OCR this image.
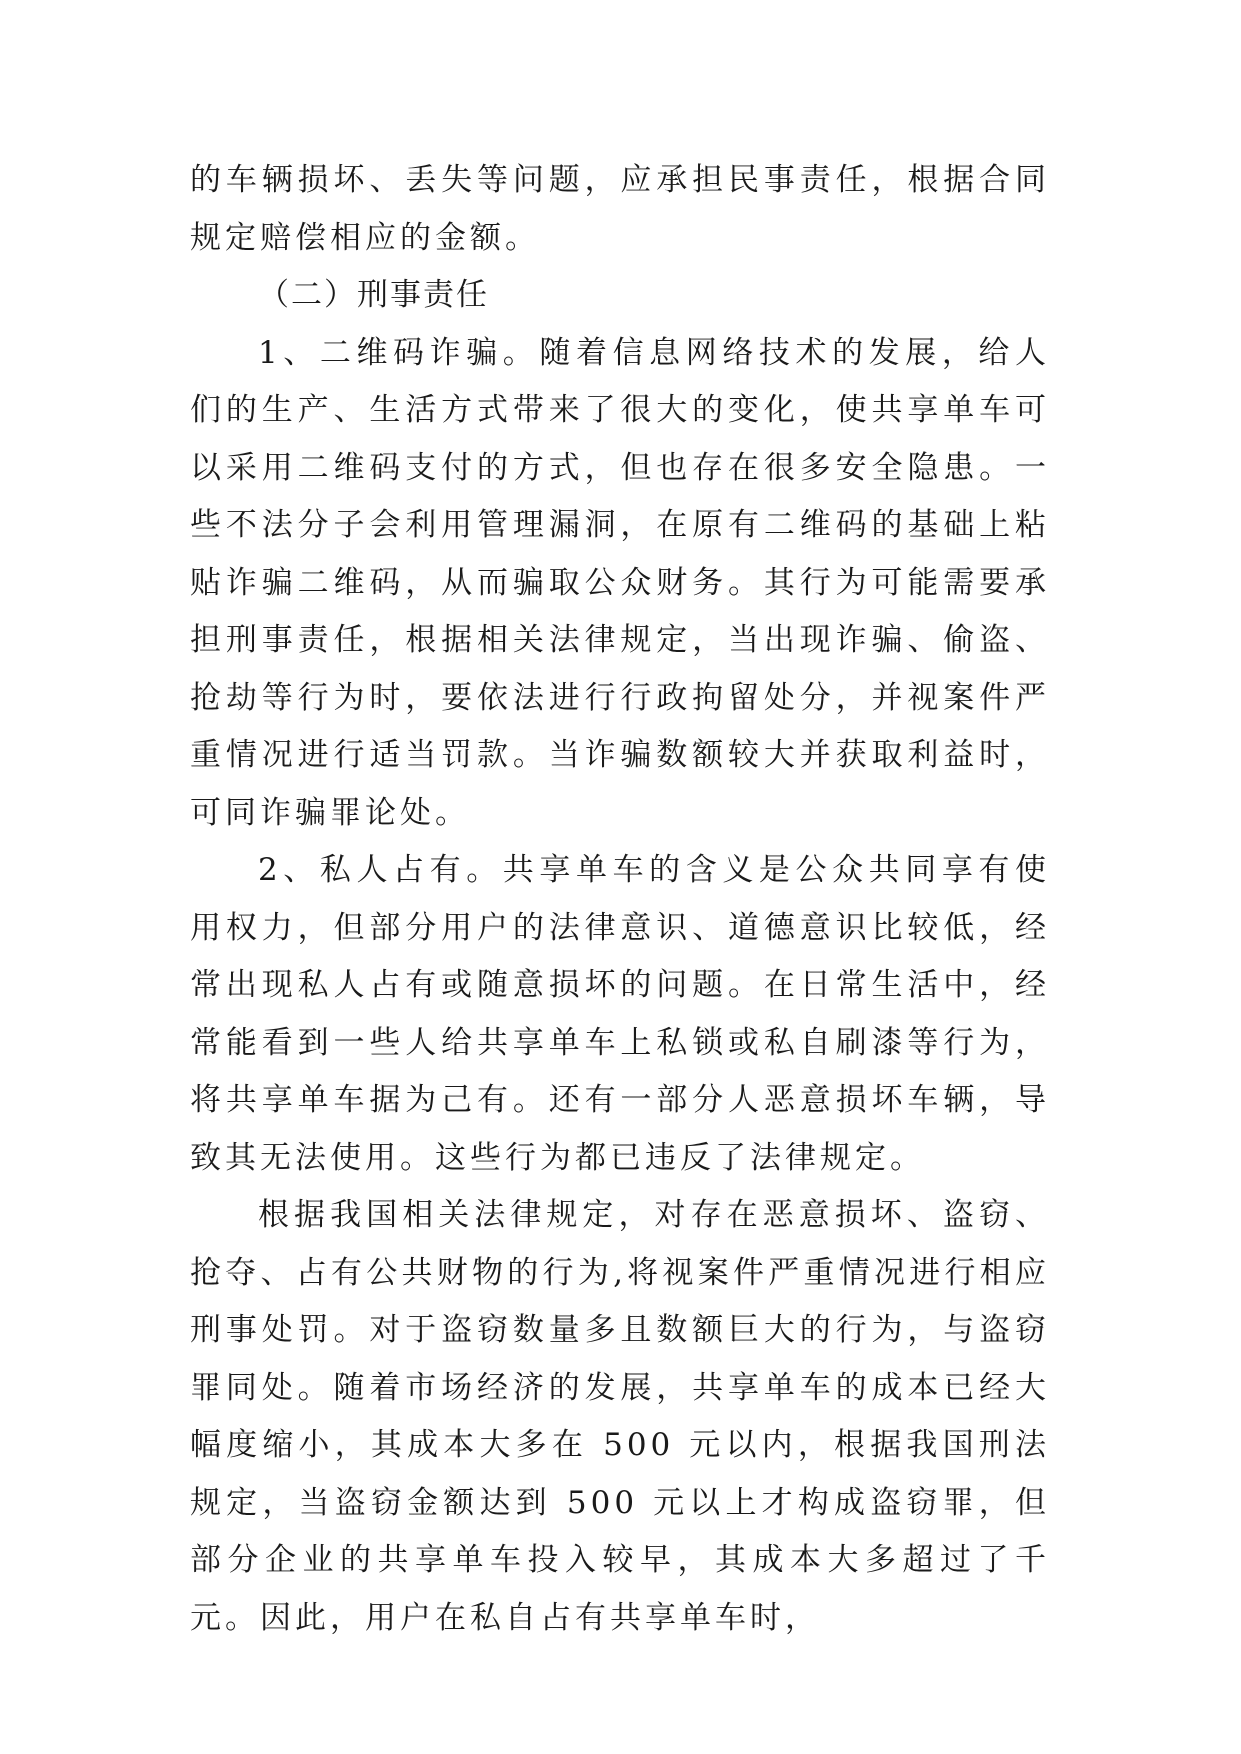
的车辆损坏、丢失等问题，应承担民事责任，根据合同规定赔偿相应的金额。

（二）刑事责任

1、二维码诈骗。随着信息网络技术的发展，给人们的生产、生活方式带来了很大的变化，使共享单车可以采用二维码支付的方式，但也存在很多安全隐患。一些不法分子会利用管理漏洞，在原有二维码的基础上粘贴诈骗二维码，从而骗取公众财务。其行为可能需要承担刑事责任，根据相关法律规定，当出现诈骗、偷盗、抢劫等行为时，要依法进行行政拘留处分，并视案件严重情况进行适当罚款。当诈骗数额较大并获取利益时，可同诈骗罪论处。

2、私人占有。共享单车的含义是公众共同享有使用权力，但部分用户的法律意识、道德意识比较低，经常出现私人占有或随意损坏的问题。在日常生活中，经常能看到一些人给共享单车上私锁或私自刷漆等行为，将共享单车据为己有。还有一部分人恶意损坏车辆，导致其无法使用。这些行为都已违反了法律规定。

根据我国相关法律规定，对存在恶意损坏、盗窃、抢夺、占有公共财物的行为,将视案件严重情况进行相应刑事处罚。对于盗窃数量多且数额巨大的行为，与盗窃罪同处。随着市场经济的发展，共享单车的成本已经大幅度缩小，其成本大多在 500 元以内，根据我国刑法规定，当盗窃金额达到 500 元以上才构成盗窃罪，但部分企业的共享单车投入较早，其成本大多超过了千元。因此，用户在私自占有共享单车时，
